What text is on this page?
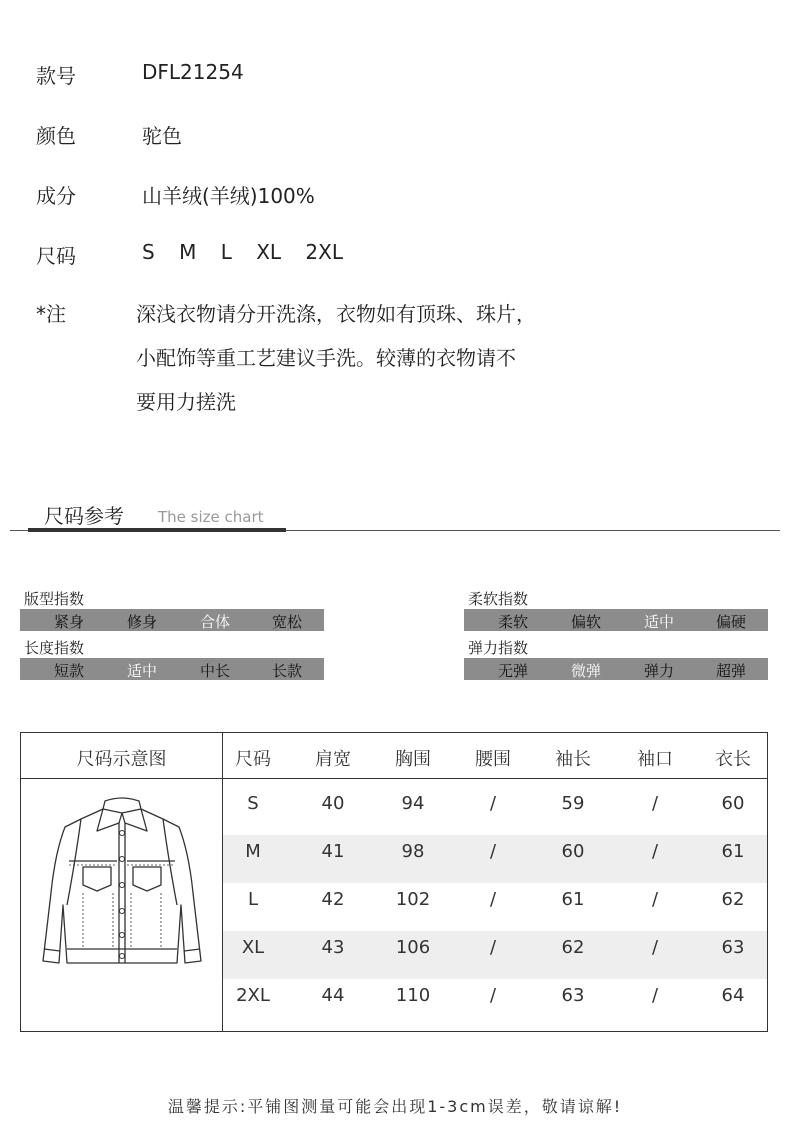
款号	DFL21254
颜色	驼色
成分	山羊绒(羊绒)100%
尺码	S M L XL 2XL
*注	深浅衣物请分开洗涤，衣物如有顶珠、珠片，
小配饰等重工艺建议手洗。较薄的衣物请不
要用力搓洗
尺码参考 The size chart
版型指数
紧身	修身	合体	宽松
长度指数
短款	适中	中长	长款
柔软指数
柔软	偏软	适中	偏硬
弹力指数
无弹	微弹	弹力	超弹
尺码示意图	尺码	肩宽	胸围	腰围	袖长	袖口	衣长
S	40	94	/	59	/	60
M	41	98	/	60	/	61
L	42	102	/	61	/	62
XL	43	106	/	62	/	63
2XL	44	110	/	63	/	64
温馨提示:平铺图测量可能会出现1-3cm误差，敬请谅解!
